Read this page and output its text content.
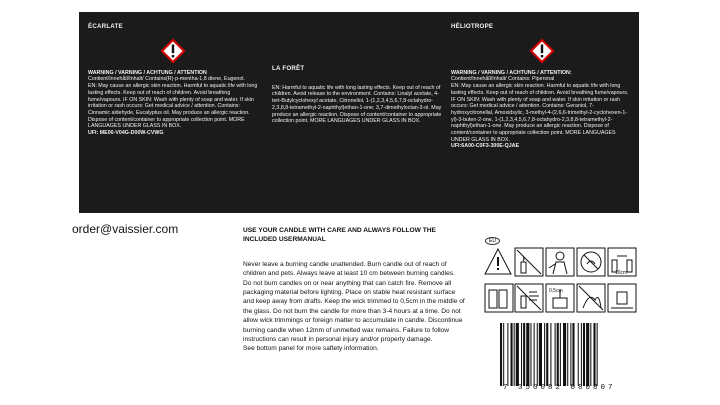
ÉCARLATE

WARNING / VARNING / ACHTUNG / ATTENTION

Contient/Innehåll/Inhalt/ Contains(R)-p-mentha-1,8 diene, Eugenol.

EN: May cause an allergic skin reaction. Harmful to aquatic life with long lasting effects. Keep out of reach of children. Avoid breathing fume/vapours. IF ON SKIN: Wash with plenty of soap and water. If skin irritation or rash occurs: Get medical advice / attention. Contains: Cinnamic aldehyde, Eucalyptus oil. May produce an allergic reaction. Dispose of content/container to appropriate collection point. MORE LANGUAGES UNDER GLASS IN BOX.

UFI: ME00-V04G-D00W-CVWG

LA FORÊT

EN: Harmful to aquatic life with long lasting effects. Keep out of reach of children. Avoid release to the environment. Contains: Linalyl acetate, 4-tert-Butylcyclohexyl acetate, Citronellol, 1-(1,2,3,4,5,6,7,8-octahydro-2,3,8,8-tetramethyl-2-naphthyl)ethan-1-one; 3,7-dimethyloctan-3-ol. May produce an allergic reaction. Dispose of content/container to appropriate collection point. MORE LANGUAGES UNDER GLASS IN BOX.

HÉLIOTROPE

WARNING / VARNING / ACHTUNG / ATTENTION:

Contient/Innehåll/Inhalt/ Contains: Piperonal

EN: May cause an allergic skin reaction. Harmful to aquatic life with long lasting effects. Keep out of reach of children. Avoid breathing fume/vapours. IF ON SKIN: Wash with plenty of soap and water. If skin irritation or rash occurs: Get medical advice / attention. Contains: Geraniol, 7-hydroxycitronellal, Amoxidsylic, 3-methyl-4-(2,6,6-trimethyl-2-cyclohexen-1-yl)-3-buten-2-one, 1-(1,2,3,4,5,6,7,8-octahydro-2,3,8,8-tetramethyl-2-naphthyl)ethan-1-one. May produce an allergic reaction. Dispose of content/container to appropriate collection point. MORE LANGUAGES UNDER GLASS IN BOX.

UFI:6A00-C0F3-300E-QJAE

order@vaissier.com	USE YOUR CANDLE WITH CARE AND ALWAYS FOLLOW THE INCLUDED USERMANUAL

Never leave a burning candle unattended. Burn candle out of reach of children and pets. Always leave at least 10 cm between burning candles. Do not burn candles on or near anything that can catch fire. Remove all packaging material before lighting. Place on stable heat resistant surface and keep away from drafts. Keep the wick trimmed to 0,5cm in the middle of the glass. Do not burn the candle for more than 3-4 hours at a time. Do not allow wick trimmings or foreign matter to accumulate in candle. Discontinue burning candle when 12mm of unmelted wax remains. Failure to follow instructions can result in personal injury and/or property damage.

See bottom panel for more saftety information.

EU
10cm
0,5cm
7 350082 080807
